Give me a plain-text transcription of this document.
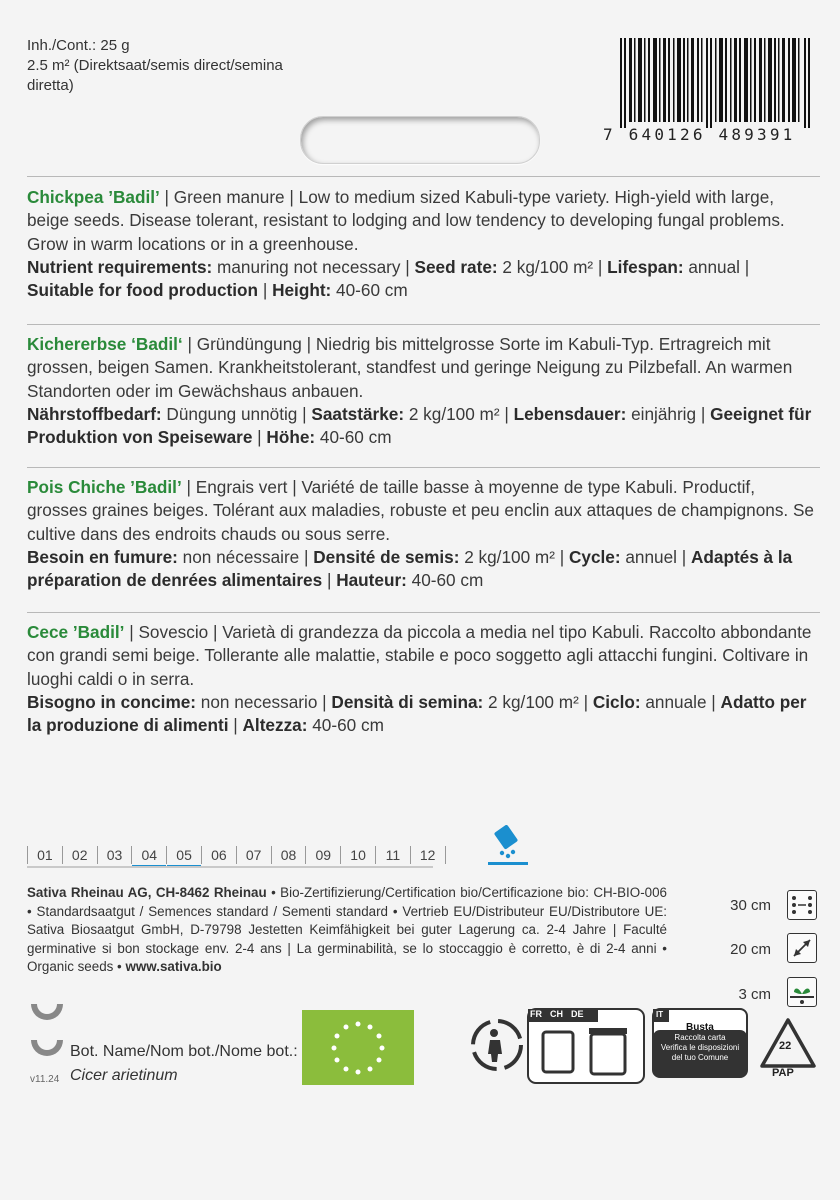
Inh./Cont.: 25 g
2.5 m² (Direktsaat/semis direct/semina
diretta)
7 640126 489391
Chickpea ’Badil’ | Green manure | Low to medium sized Kabuli-type variety. High-yield with large, beige seeds. Disease tolerant, resistant to lodging and low tendency to developing fungal problems. Grow in warm locations or in a greenhouse.
Nutrient requirements: manuring not necessary | Seed rate: 2 kg/100 m² | Lifespan: annual | Suitable for food production | Height: 40-60 cm
Kichererbse ‘Badil‘ | Gründüngung | Niedrig bis mittelgrosse Sorte im Kabuli-Typ. Ertragreich mit grossen, beigen Samen. Krankheitstolerant, standfest und geringe Neigung zu Pilzbefall. An warmen Standorten oder im Gewächshaus anbauen.
Nährstoffbedarf: Düngung unnötig | Saatstärke: 2 kg/100 m² | Lebensdauer: einjährig | Geeignet für Produktion von Speiseware | Höhe: 40-60 cm
Pois Chiche ’Badil’ | Engrais vert | Variété de taille basse à moyenne de type Kabuli. Productif, grosses graines beiges. Tolérant aux maladies, robuste et peu enclin aux attaques de champignons. Se cultive dans des endroits chauds ou sous serre.
Besoin en fumure: non nécessaire | Densité de semis: 2 kg/100 m² | Cycle: annuel | Adaptés à la préparation de denrées alimentaires | Hauteur: 40-60 cm
Cece ’Badil’ | Sovescio | Varietà di grandezza da piccola a media nel tipo Kabuli. Raccolto abbondante con grandi semi beige. Tollerante alle malattie, stabile e poco soggetto agli attacchi fungini. Coltivare in luoghi caldi o in serra.
Bisogno in concime: non necessario | Densità di semina: 2 kg/100 m² | Ciclo: annuale | Adatto per la produzione di alimenti | Altezza: 40-60 cm
01	02	03	04	05	06	07	08	09	10	11	12
Sativa Rheinau AG, CH-8462 Rheinau • Bio-Zertifizierung/Certification bio/Certificazione bio: CH-BIO-006 • Standardsaatgut / Semences standard / Sementi standard • Vertrieb EU/Distributeur EU/Distributore UE: Sativa Biosaatgut GmbH, D-79798 Jestetten Keimfähigkeit bei guter Lagerung ca. 2-4 Jahre | Faculté germinative si bon stockage env. 2-4 ans | La germinabilità, se lo stoccaggio è corretto, è di 2-4 anni • Organic seeds • www.sativa.bio
30 cm
20 cm
3 cm
v11.24
Bot. Name/Nom bot./Nome bot.:
Cicer arietinum
FR CH DE	IT
Busta
Raccolta carta
Verifica le disposizioni
del tuo Comune
22
PAP
